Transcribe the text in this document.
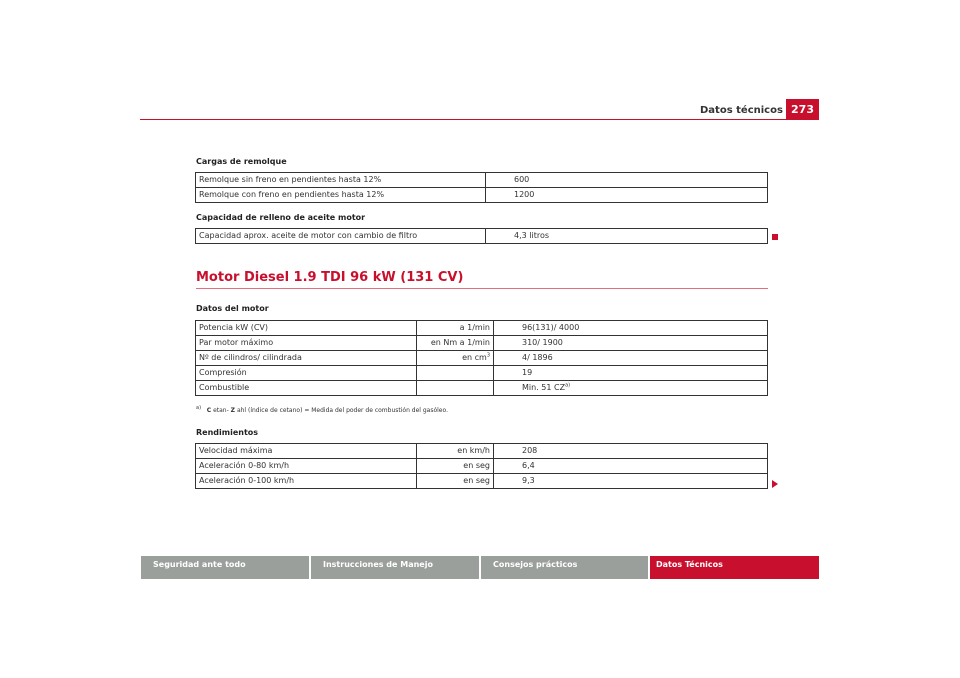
Datos técnicos 273
Cargas de remolque
Remolque sin freno en pendientes hasta 12%	600
Remolque con freno en pendientes hasta 12%	1200
Capacidad de relleno de aceite motor
Capacidad aprox. aceite de motor con cambio de filtro	4,3 litros
Motor Diesel 1.9 TDI 96 kW (131 CV)
Datos del motor
Potencia kW (CV)	a 1/min	96(131)/ 4000
Par motor máximo	en Nm a 1/min	310/ 1900
Nº de cilindros/ cilindrada	en $cm^3$	4/ 1896
Compresión		19
Combustible		Min. 51 CZ$^{a)}$
$^{a)}$ C etan- Z ahl (índice de cetano) = Medida del poder de combustión del gasóleo.
Rendimientos
Velocidad máxima	en km/h	208
Aceleración 0-80 km/h	en seg	6,4
Aceleración 0-100 km/h	en seg	9,3
Seguridad ante todo	Instrucciones de Manejo	Consejos prácticos	Datos Técnicos
